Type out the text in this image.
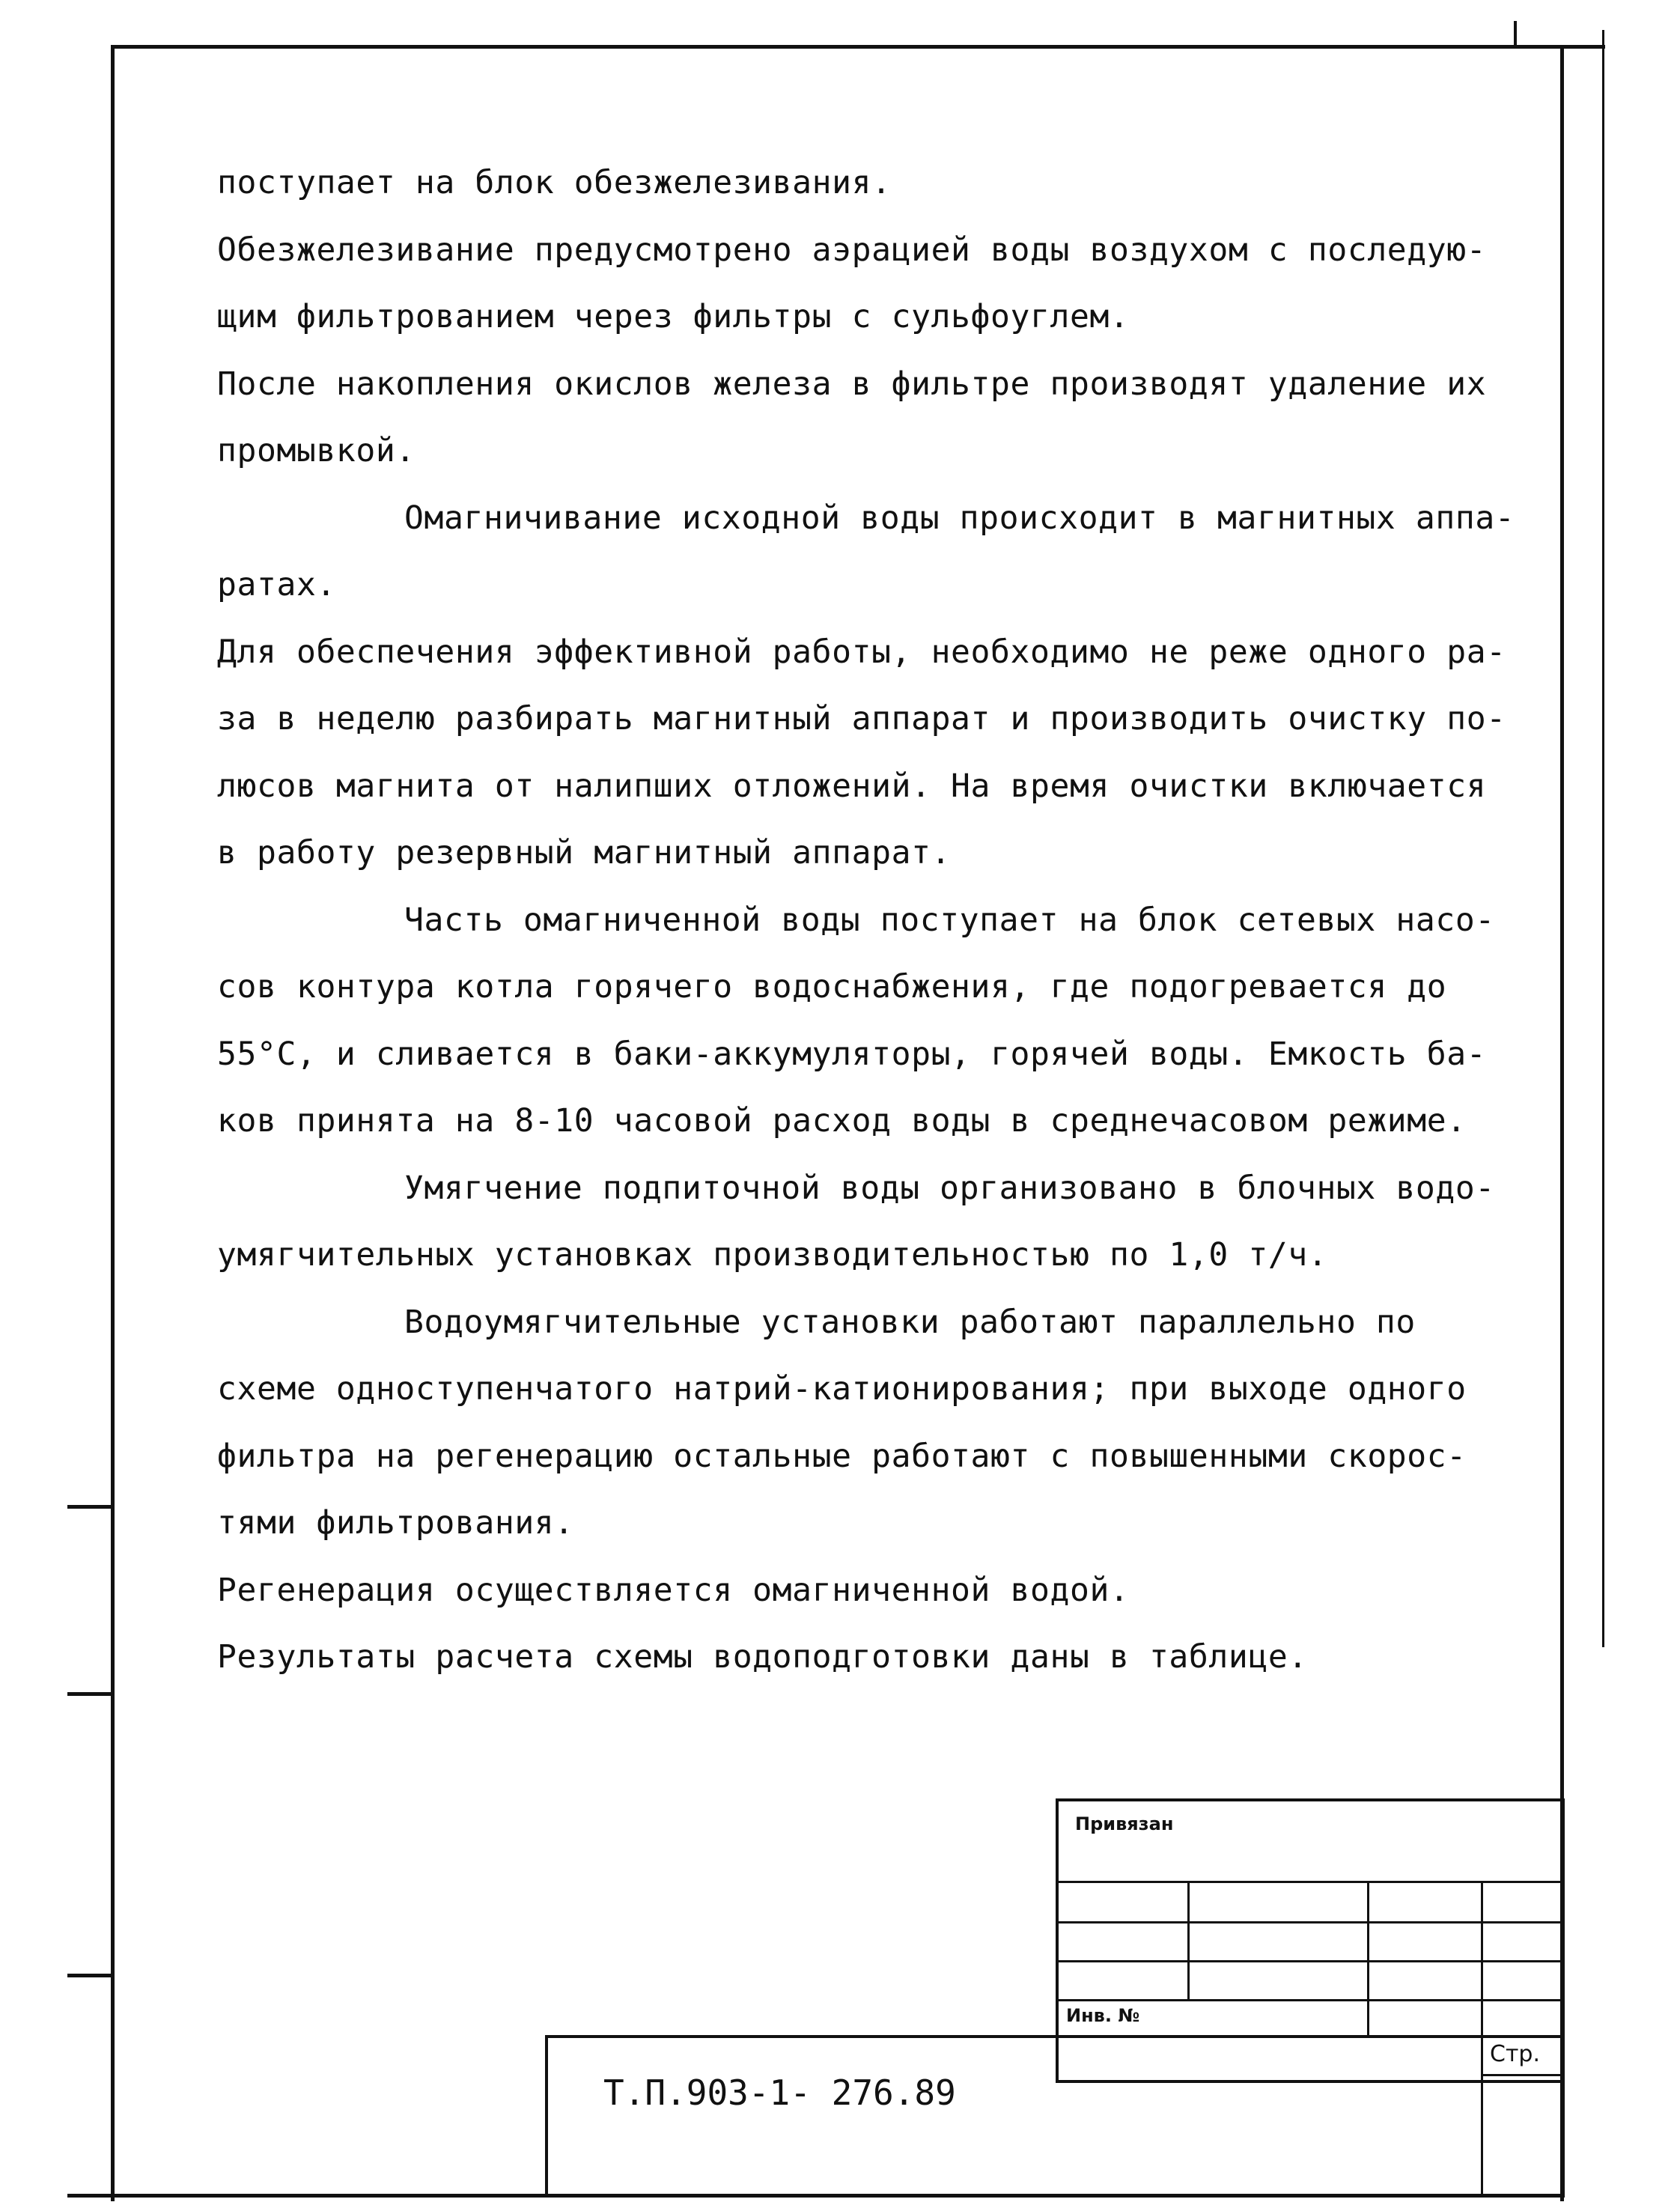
поступает на блок обезжелезивания.
Обезжелезивание предусмотрено аэрацией воды воздухом с последую-
щим фильтрованием через фильтры с сульфоуглем.
После накопления окислов железа в фильтре производят удаление их
промывкой.
Омагничивание исходной воды происходит в магнитных аппа-
ратах.
Для обеспечения эффективной работы, необходимо не реже одного ра-
за в неделю разбирать магнитный аппарат и производить очистку по-
люсов магнита от налипших отложений. На время очистки включается
в работу резервный магнитный аппарат.
Часть омагниченной воды поступает на блок сетевых насо-
сов контура котла горячего водоснабжения, где подогревается до
55°С, и сливается в баки-аккумуляторы, горячей воды. Емкость ба-
ков принята на 8-10 часовой расход воды в среднечасовом режиме.
Умягчение подпиточной воды организовано в блочных водо-
умягчительных установках производительностью по 1,0 т/ч.
Водоумягчительные установки работают параллельно по
схеме одноступенчатого натрий-катионирования; при выходе одного
фильтра на регенерацию остальные работают с повышенными скорос-
тями фильтрования.
Регенерация осуществляется омагниченной водой.
Результаты расчета схемы водоподготовки даны в таблице.
Привязан
Инв. №
Стр.
Т.П.903-1- 276.89
